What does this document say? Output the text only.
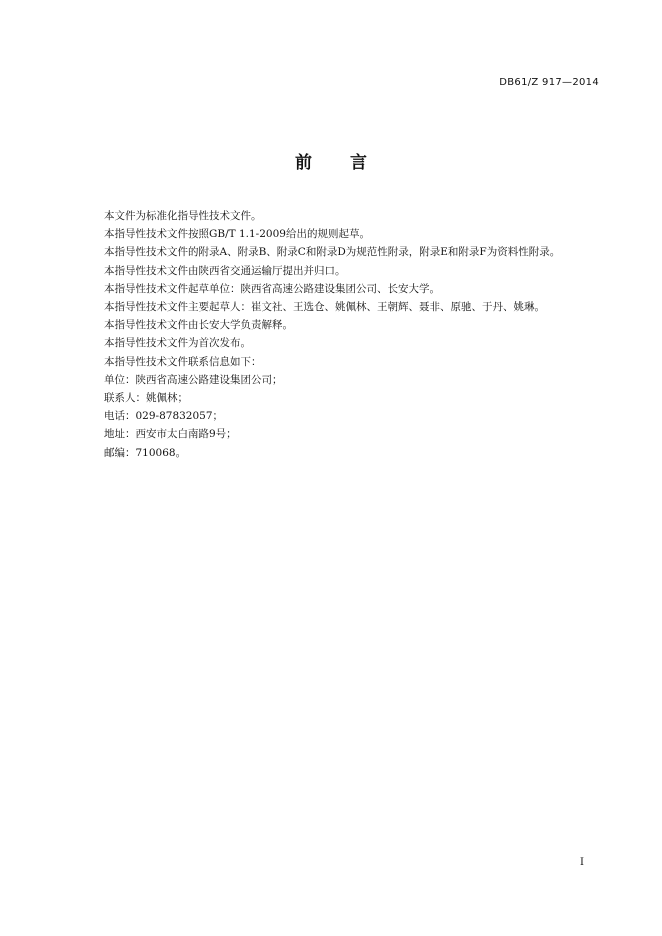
DB61/Z 917—2014
前言
本文件为标准化指导性技术文件。
本指导性技术文件按照GB/T 1.1-2009给出的规则起草。
本指导性技术文件的附录A、附录B、附录C和附录D为规范性附录，附录E和附录F为资料性附录。
本指导性技术文件由陕西省交通运输厅提出并归口。
本指导性技术文件起草单位：陕西省高速公路建设集团公司、长安大学。
本指导性技术文件主要起草人：崔文社、王选仓、姚佩林、王朝辉、聂非、原驰、于丹、姚琳。
本指导性技术文件由长安大学负责解释。
本指导性技术文件为首次发布。
本指导性技术文件联系信息如下：
单位：陕西省高速公路建设集团公司；
联系人：姚佩林；
电话：029-87832057；
地址：西安市太白南路9号；
邮编：710068。
I
